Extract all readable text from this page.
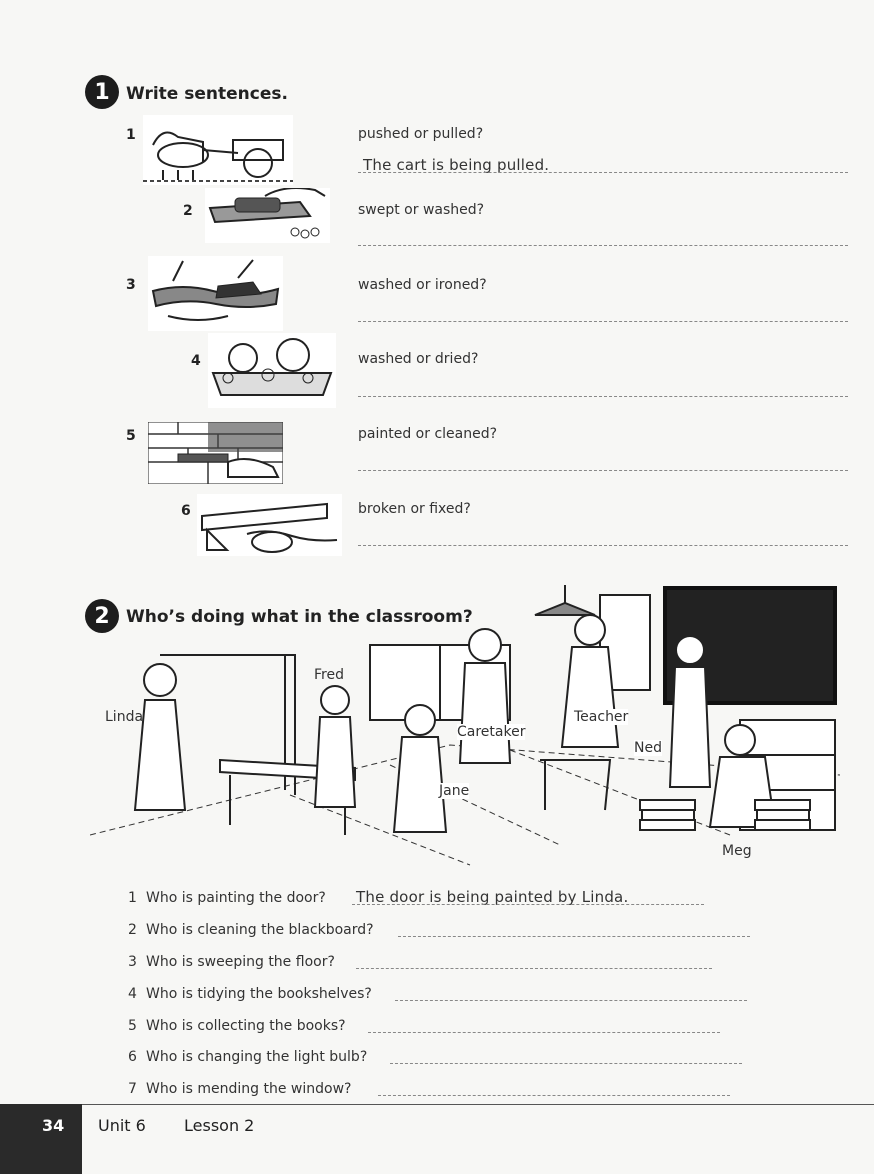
1 Write sentences.
1	pushed or pulled?
The cart is being pulled.
2	swept or washed?
3	washed or ironed?
4	washed or dried?
5	painted or cleaned?
6	broken or fixed?
2 Who’s doing what in the classroom?
Linda
Fred
Caretaker
Teacher
Ned
Jane
Meg
1 Who is painting the door? The door is being painted by Linda.
2 Who is cleaning the blackboard?
3 Who is sweeping the floor?
4 Who is tidying the bookshelves?
5 Who is collecting the books?
6 Who is changing the light bulb?
7 Who is mending the window?
34 Unit 6 Lesson 2
